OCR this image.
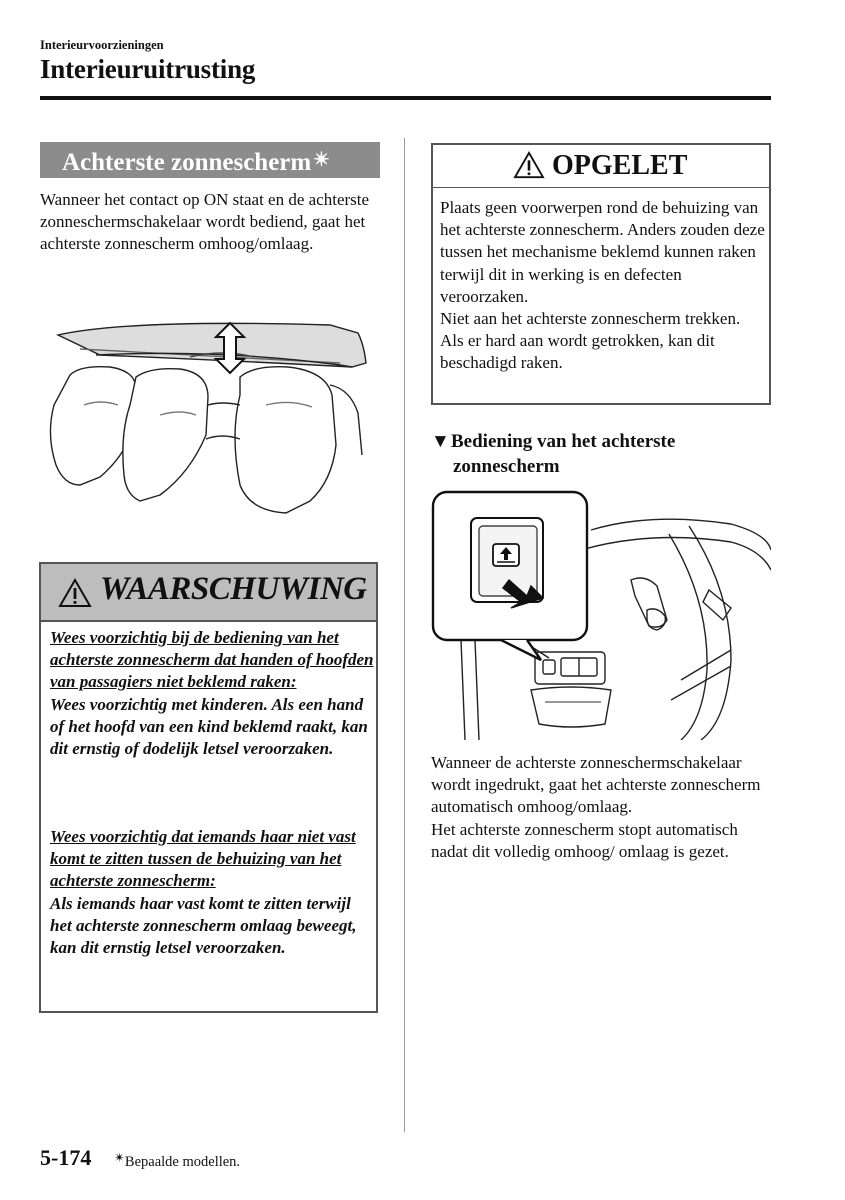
Interieurvoorzieningen
Interieuruitrusting
Achterste zonnescherm ✴
Wanneer het contact op ON staat en de achterste zonneschermschakelaar wordt bediend, gaat het achterste zonnescherm omhoog/omlaag.
WAARSCHUWING
Wees voorzichtig bij de bediening van het achterste zonnescherm dat handen of hoofden van passagiers niet beklemd raken:
Wees voorzichtig met kinderen. Als een hand of het hoofd van een kind beklemd raakt, kan dit ernstig of dodelijk letsel veroorzaken.
Wees voorzichtig dat iemands haar niet vast komt te zitten tussen de behuizing van het achterste zonnescherm:
Als iemands haar vast komt te zitten terwijl het achterste zonnescherm omlaag beweegt, kan dit ernstig letsel veroorzaken.
OPGELET
Plaats geen voorwerpen rond de behuizing van het achterste zonnescherm. Anders zouden deze tussen het mechanisme beklemd kunnen raken terwijl dit in werking is en defecten veroorzaken.
Niet aan het achterste zonnescherm trekken. Als er hard aan wordt getrokken, kan dit beschadigd raken.
▼Bediening van het achterste
zonnescherm
Wanneer de achterste zonneschermschakelaar wordt ingedrukt, gaat het achterste zonnescherm automatisch omhoog/omlaag.
Het achterste zonnescherm stopt automatisch nadat dit volledig omhoog/ omlaag is gezet.
5-174 ✴Bepaalde modellen.
